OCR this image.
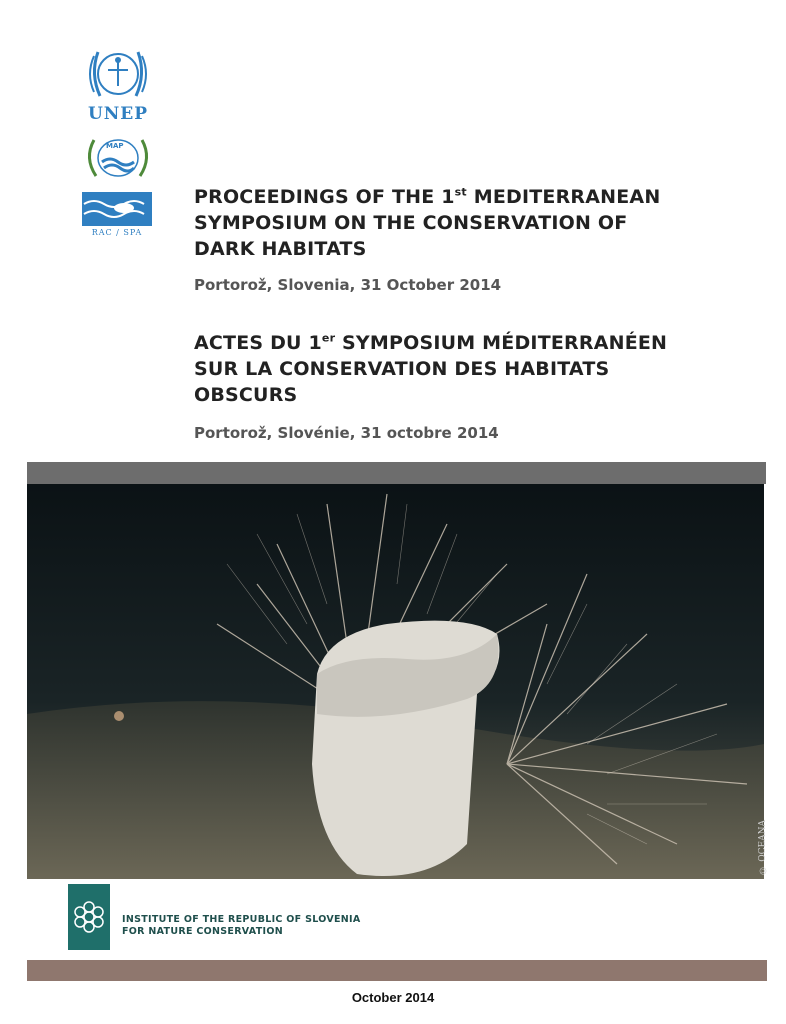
UNEP
MAP
RAC / SPA
PROCEEDINGS OF THE 1st MEDITERRANEAN
SYMPOSIUM ON THE CONSERVATION OF
DARK HABITATS
Portorož, Slovenia, 31 October 2014
ACTES DU 1er SYMPOSIUM MÉDITERRANÉEN
SUR LA CONSERVATION DES HABITATS
OBSCURS
Portorož, Slovénie, 31 octobre 2014
© OCEANA
INSTITUTE OF THE REPUBLIC OF SLOVENIA
FOR NATURE CONSERVATION
October 2014
